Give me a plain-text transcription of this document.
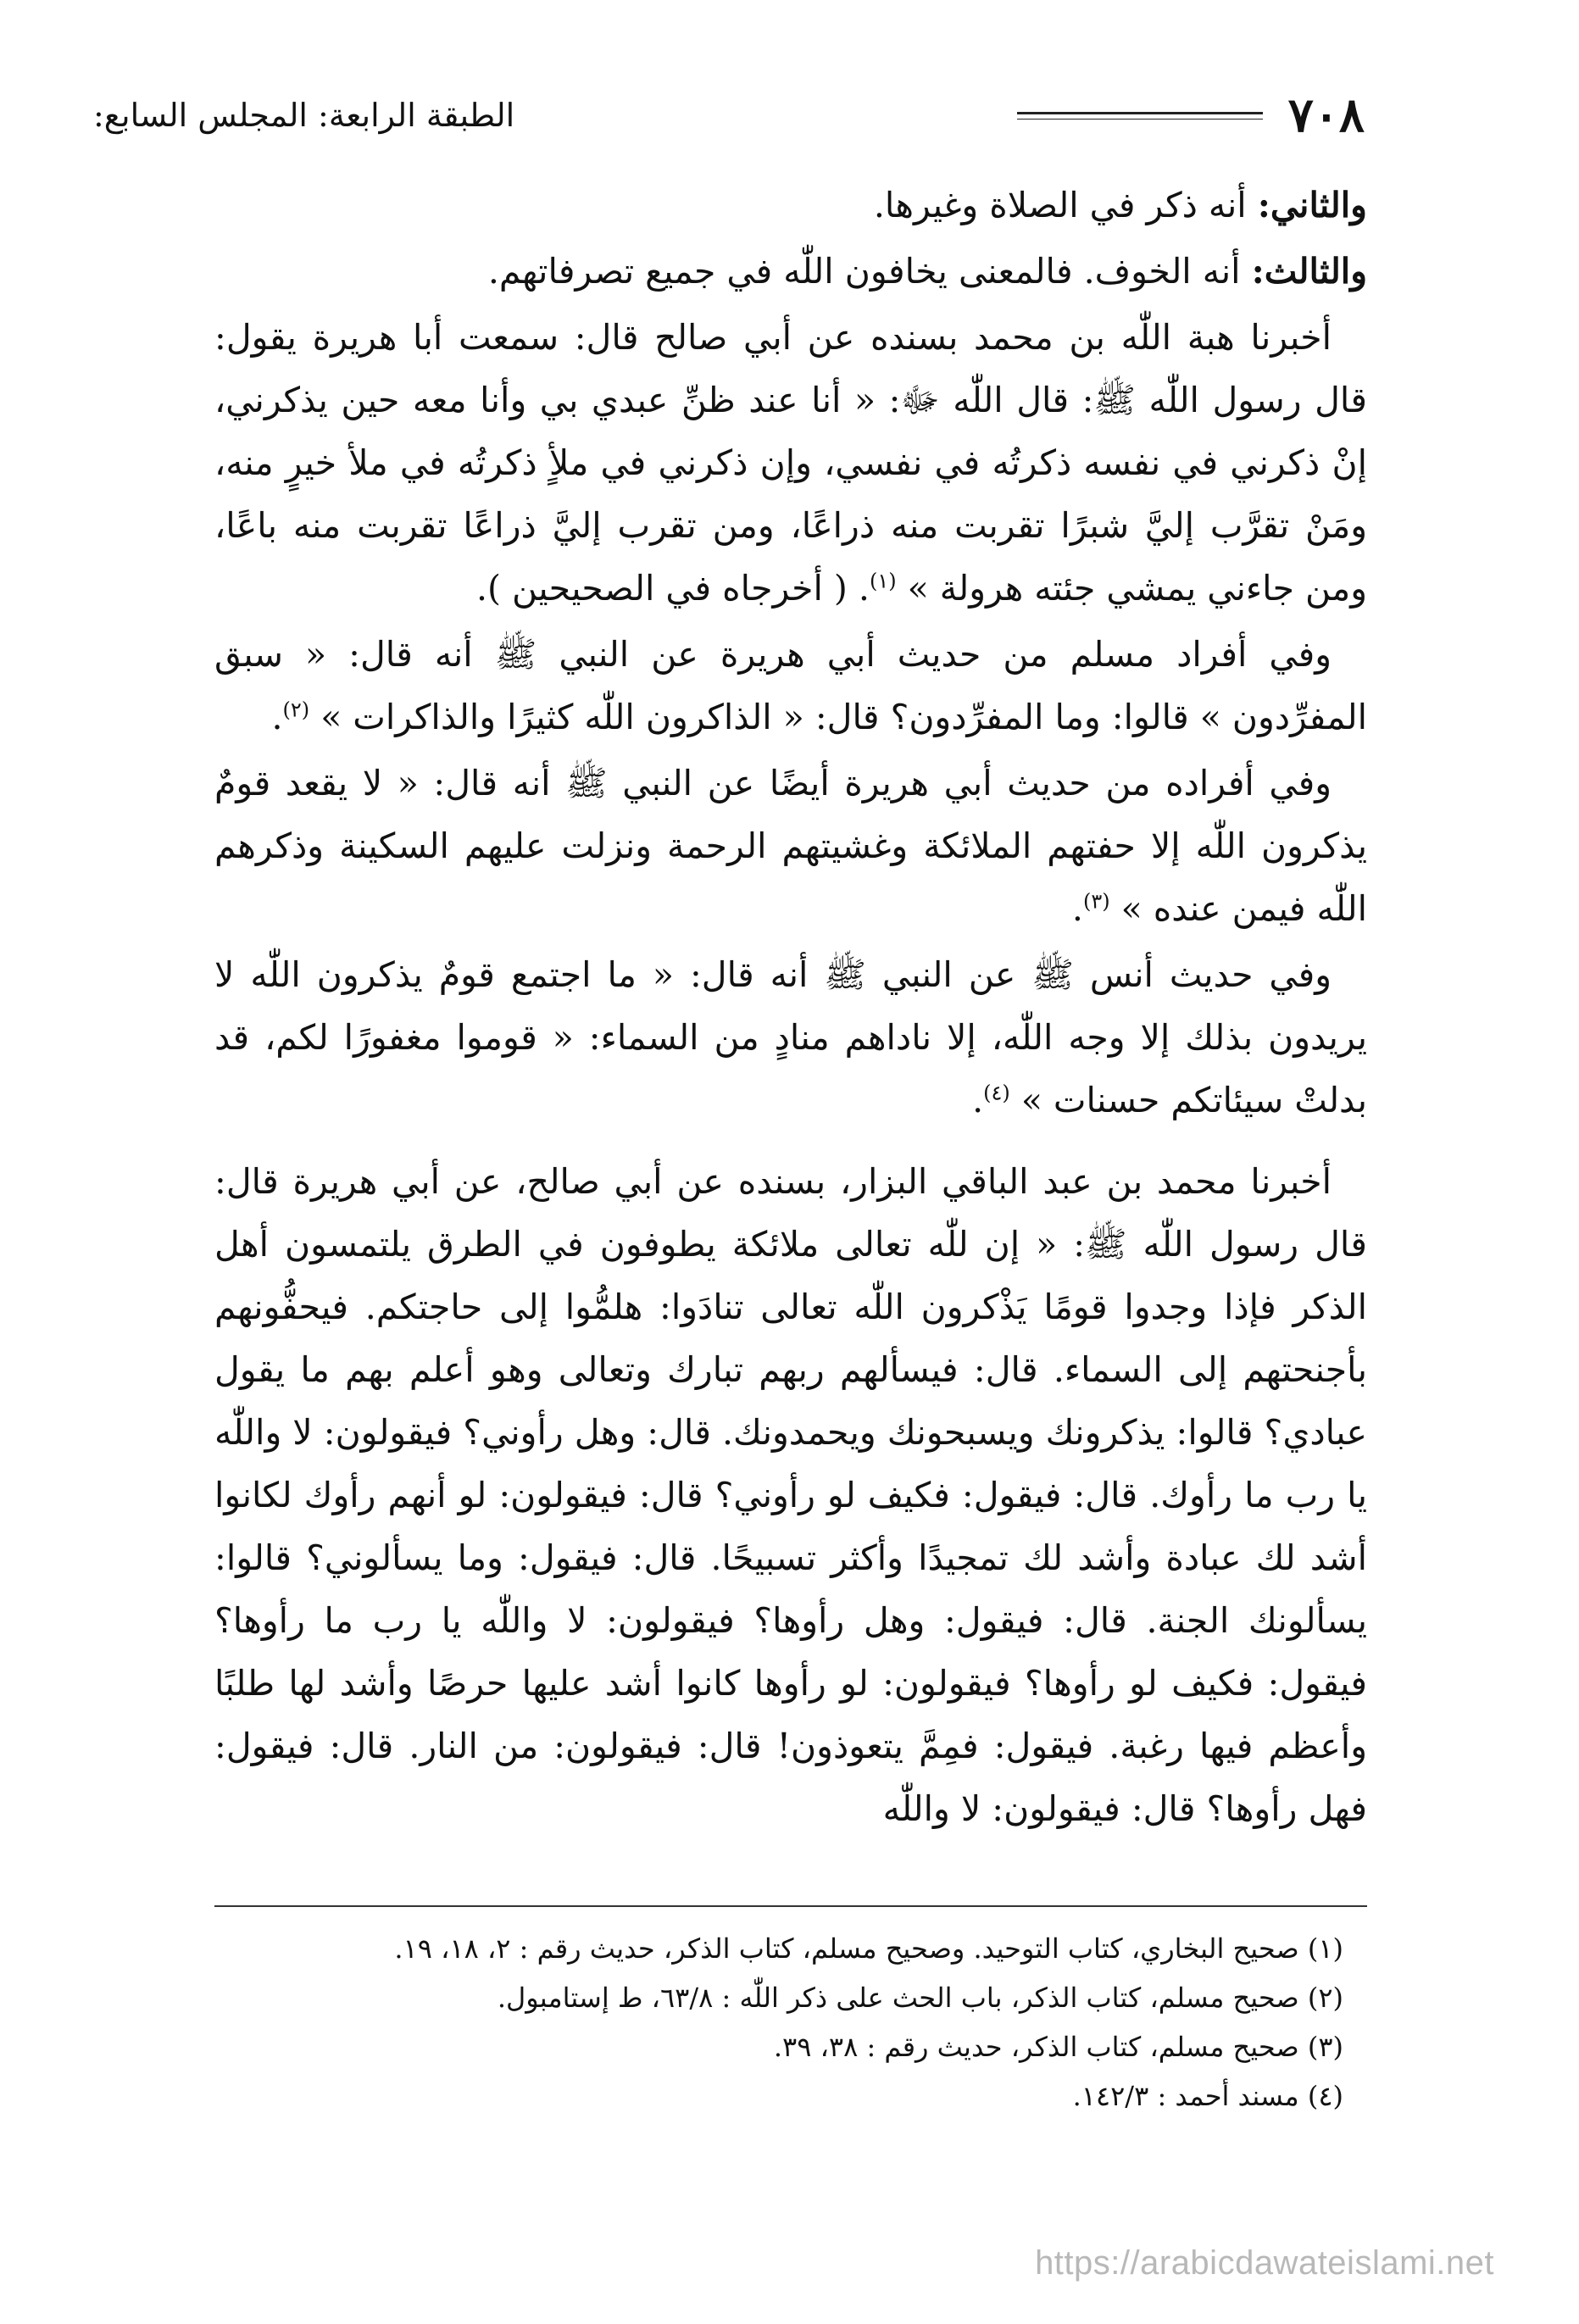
٧٠٨
الطبقة الرابعة: المجلس السابع:

والثاني: أنه ذكر في الصلاة وغيرها.

والثالث: أنه الخوف. فالمعنى يخافون اللّٰه في جميع تصرفاتهم.

أخبرنا هبة اللّٰه بن محمد بسنده عن أبي صالح قال: سمعت أبا هريرة يقول: قال رسول اللّٰه ﷺ: قال اللّٰه ﷻ: « أنا عند ظنِّ عبدي بي وأنا معه حين يذكرني، إنْ ذكرني في نفسه ذكرتُه في نفسي، وإن ذكرني في ملأٍ ذكرتُه في ملأ خيرٍ منه، ومَنْ تقرَّب إليَّ شبرًا تقربت منه ذراعًا، ومن تقرب إليَّ ذراعًا تقربت منه باعًا، ومن جاءني يمشي جئته هرولة » $^{(١)}$. ( أخرجاه في الصحيحين ).

وفي أفراد مسلم من حديث أبي هريرة عن النبي ﷺ أنه قال: « سبق المفرِّدون » قالوا: وما المفرِّدون؟ قال: « الذاكرون اللّٰه كثيرًا والذاكرات » $^{(٢)}$.

وفي أفراده من حديث أبي هريرة أيضًا عن النبي ﷺ أنه قال: « لا يقعد قومٌ يذكرون اللّٰه إلا حفتهم الملائكة وغشيتهم الرحمة ونزلت عليهم السكينة وذكرهم اللّٰه فيمن عنده » $^{(٣)}$.

وفي حديث أنس ﷺ عن النبي ﷺ أنه قال: « ما اجتمع قومٌ يذكرون اللّٰه لا يريدون بذلك إلا وجه اللّٰه، إلا ناداهم منادٍ من السماء: « قوموا مغفورًا لكم، قد بدلتْ سيئاتكم حسنات » $^{(٤)}$.

أخبرنا محمد بن عبد الباقي البزار، بسنده عن أبي صالح، عن أبي هريرة قال: قال رسول اللّٰه ﷺ: « إن للّٰه تعالى ملائكة يطوفون في الطرق يلتمسون أهل الذكر فإذا وجدوا قومًا يَذْكرون اللّٰه تعالى تنادَوا: هلمُّوا إلى حاجتكم. فيحفُّونهم بأجنحتهم إلى السماء. قال: فيسألهم ربهم تبارك وتعالى وهو أعلم بهم ما يقول عبادي؟ قالوا: يذكرونك ويسبحونك ويحمدونك. قال: وهل رأوني؟ فيقولون: لا واللّٰه يا رب ما رأوك. قال: فيقول: فكيف لو رأوني؟ قال: فيقولون: لو أنهم رأوك لكانوا أشد لك عبادة وأشد لك تمجيدًا وأكثر تسبيحًا. قال: فيقول: وما يسألوني؟ قالوا: يسألونك الجنة. قال: فيقول: وهل رأوها؟ فيقولون: لا واللّٰه يا رب ما رأوها؟ فيقول: فكيف لو رأوها؟ فيقولون: لو رأوها كانوا أشد عليها حرصًا وأشد لها طلبًا وأعظم فيها رغبة. فيقول: فمِمَّ يتعوذون! قال: فيقولون: من النار. قال: فيقول: فهل رأوها؟ قال: فيقولون: لا واللّٰه

(١) صحيح البخاري، كتاب التوحيد. وصحيح مسلم، كتاب الذكر، حديث رقم : ٢، ١٨، ١٩.

(٢) صحيح مسلم، كتاب الذكر، باب الحث على ذكر اللّٰه : ٦٣/٨، ط إستامبول.

(٣) صحيح مسلم، كتاب الذكر، حديث رقم : ٣٨، ٣٩.

(٤) مسند أحمد : ١٤٢/٣.

https://arabicdawateislami.net
